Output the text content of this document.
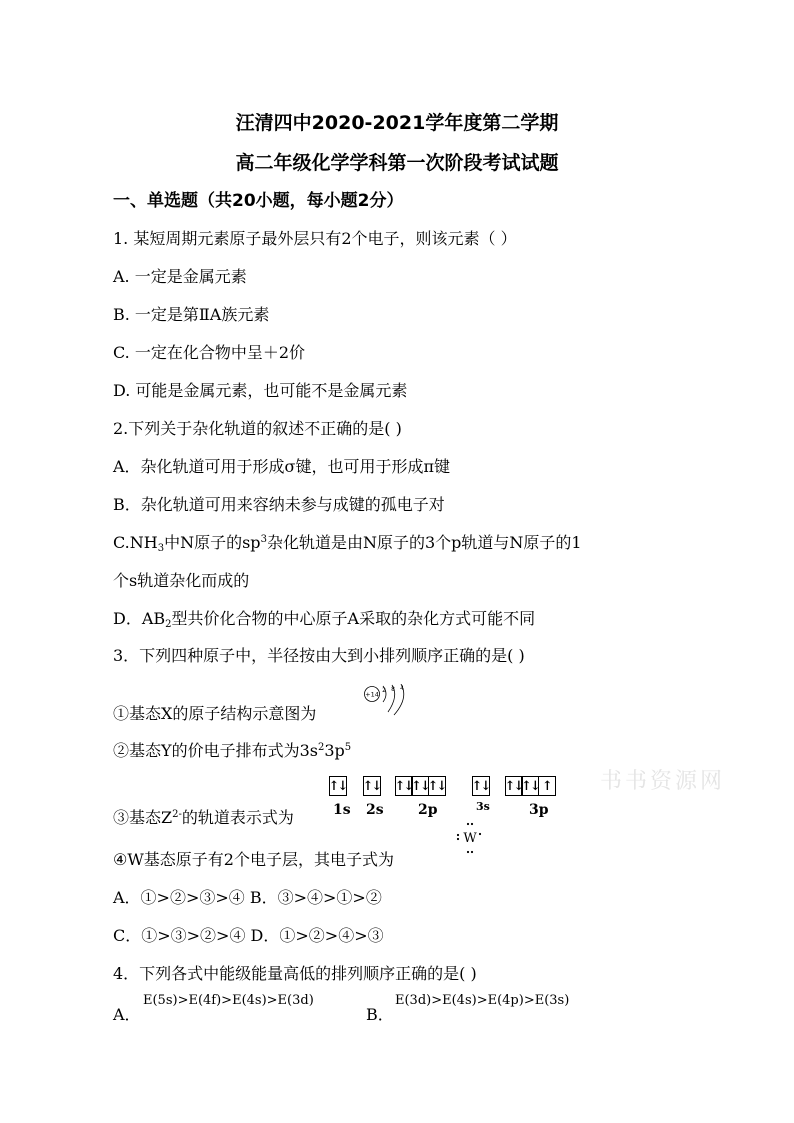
汪清四中2020-2021学年度第二学期
高二年级化学学科第一次阶段考试试题
一、单选题（共20小题，每小题2分）
1. 某短周期元素原子最外层只有2个电子，则该元素（ ）
A. 一定是金属元素
B. 一定是第ⅡA族元素
C. 一定在化合物中呈＋2价
D. 可能是金属元素，也可能不是金属元素
2.下列关于杂化轨道的叙述不正确的是( )
A．杂化轨道可用于形成σ键，也可用于形成π键
B．杂化轨道可用来容纳未参与成键的孤电子对
$C.NH_3$中N原子的$sp^3$杂化轨道是由N原子的3个p轨道与N原子的1
个s轨道杂化而成的
D．$AB_2$型共价化合物的中心原子A采取的杂化方式可能不同
3．下列四种原子中，半径按由大到小排列顺序正确的是( )
①基态X的原子结构示意图为
+14 2 8 4
②基态Y的价电子排布式为$3s^23p^5$
书书资源网
③基态$Z^{2-}$的轨道表示式为
↑↓
1s
↑↓
2s
↑↓
↑↓
↑↓
2p
↑↓
3s
↑↓
↑↓ ↑
3p
④W基态原子有2个电子层，其电子式为
W
A．①>②>③>④ B．③>④>①>②
C．①>③>②>④ D．①>②>④>③
4．下列各式中能级能量高低的排列顺序正确的是( )
A．
E(5s)>E(4f)>E(4s)>E(3d)
B．
E(3d)>E(4s)>E(4p)>E(3s)
